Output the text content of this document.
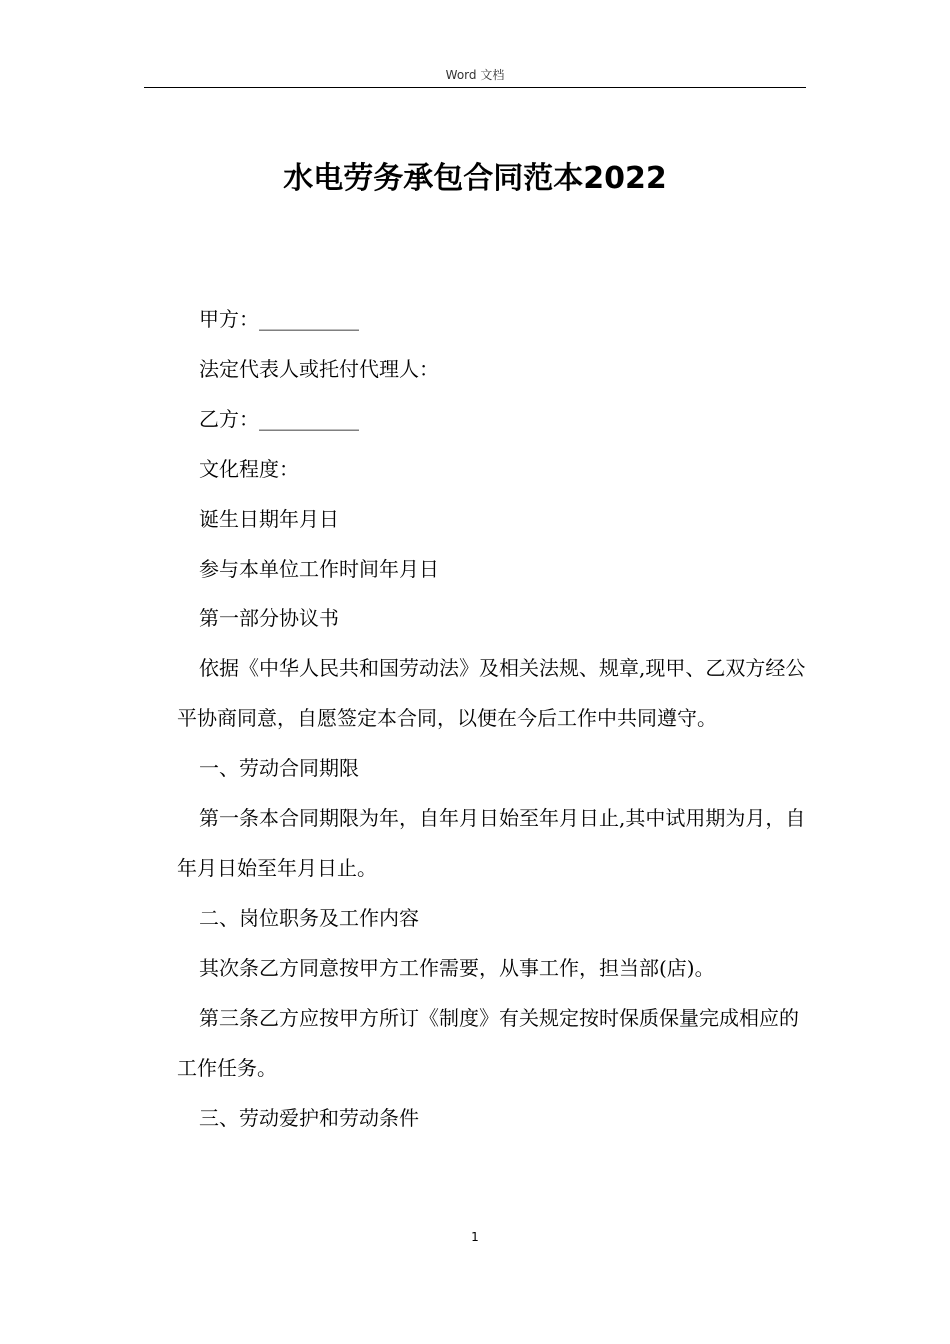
Word 文档
水电劳务承包合同范本2022

甲方：__________

法定代表人或托付代理人：

乙方：__________

文化程度：

诞生日期年月日

参与本单位工作时间年月日

第一部分协议书

依据《中华人民共和国劳动法》及相关法规、规章,现甲、乙双方经公平协商同意，自愿签定本合同，以便在今后工作中共同遵守。

一、劳动合同期限

第一条本合同期限为年，自年月日始至年月日止,其中试用期为月，自年月日始至年月日止。

二、岗位职务及工作内容

其次条乙方同意按甲方工作需要，从事工作，担当部(店)。

第三条乙方应按甲方所订《制度》有关规定按时保质保量完成相应的工作任务。

三、劳动爱护和劳动条件

1
